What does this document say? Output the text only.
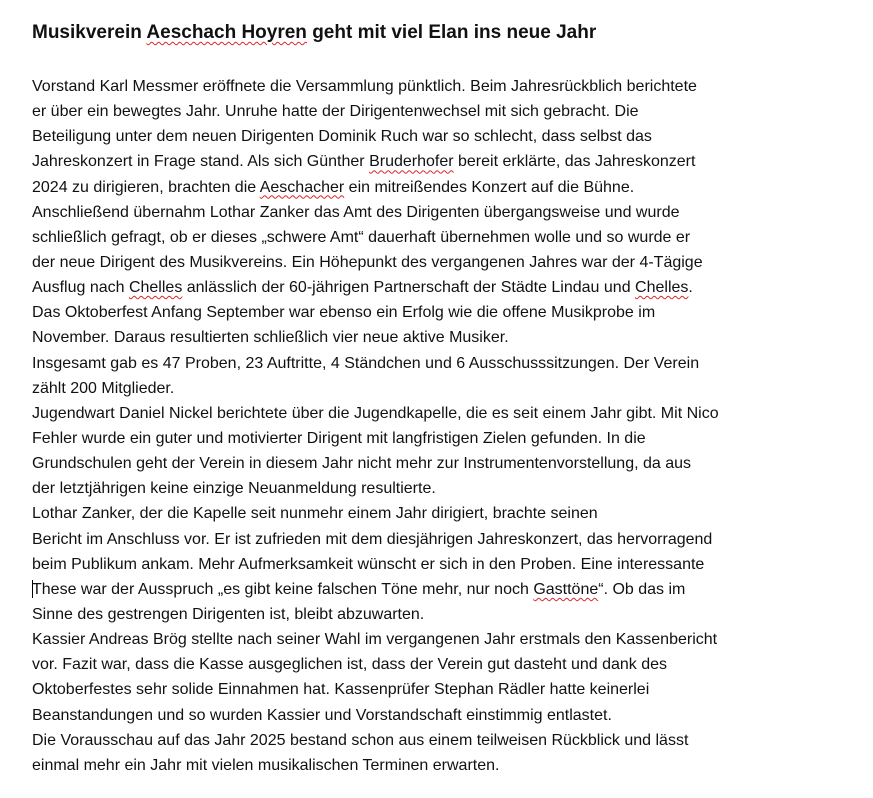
Musikverein Aeschach Hoyren geht mit viel Elan ins neue Jahr
Vorstand Karl Messmer eröffnete die Versammlung pünktlich. Beim Jahresrückblich berichtete
er über ein bewegtes Jahr. Unruhe hatte der Dirigentenwechsel mit sich gebracht. Die
Beteiligung unter dem neuen Dirigenten Dominik Ruch war so schlecht, dass selbst das
Jahreskonzert in Frage stand. Als sich Günther Bruderhofer bereit erklärte, das Jahreskonzert
2024 zu dirigieren, brachten die Aeschacher ein mitreißendes Konzert auf die Bühne.
Anschließend übernahm Lothar Zanker das Amt des Dirigenten übergangsweise und wurde
schließlich gefragt, ob er dieses „schwere Amt“ dauerhaft übernehmen wolle und so wurde er
der neue Dirigent des Musikvereins. Ein Höhepunkt des vergangenen Jahres war der 4-Tägige
Ausflug nach Chelles anlässlich der 60-jährigen Partnerschaft der Städte Lindau und Chelles.
Das Oktoberfest Anfang September war ebenso ein Erfolg wie die offene Musikprobe im
November. Daraus resultierten schließlich vier neue aktive Musiker.
Insgesamt gab es 47 Proben, 23 Auftritte, 4 Ständchen und 6 Ausschusssitzungen. Der Verein
zählt 200 Mitglieder.
Jugendwart Daniel Nickel berichtete über die Jugendkapelle, die es seit einem Jahr gibt. Mit Nico
Fehler wurde ein guter und motivierter Dirigent mit langfristigen Zielen gefunden. In die
Grundschulen geht der Verein in diesem Jahr nicht mehr zur Instrumentenvorstellung, da aus
der letztjährigen keine einzige Neuanmeldung resultierte.
Lothar Zanker, der die Kapelle seit nunmehr einem Jahr dirigiert, brachte seinen
Bericht im Anschluss vor. Er ist zufrieden mit dem diesjährigen Jahreskonzert, das hervorragend
beim Publikum ankam. Mehr Aufmerksamkeit wünscht er sich in den Proben. Eine interessante
These war der Ausspruch „es gibt keine falschen Töne mehr, nur noch Gasttöne“. Ob das im
Sinne des gestrengen Dirigenten ist, bleibt abzuwarten.
Kassier Andreas Brög stellte nach seiner Wahl im vergangenen Jahr erstmals den Kassenbericht
vor. Fazit war, dass die Kasse ausgeglichen ist, dass der Verein gut dasteht und dank des
Oktoberfestes sehr solide Einnahmen hat. Kassenprüfer Stephan Rädler hatte keinerlei
Beanstandungen und so wurden Kassier und Vorstandschaft einstimmig entlastet.
Die Vorausschau auf das Jahr 2025 bestand schon aus einem teilweisen Rückblick und lässt
einmal mehr ein Jahr mit vielen musikalischen Terminen erwarten.
